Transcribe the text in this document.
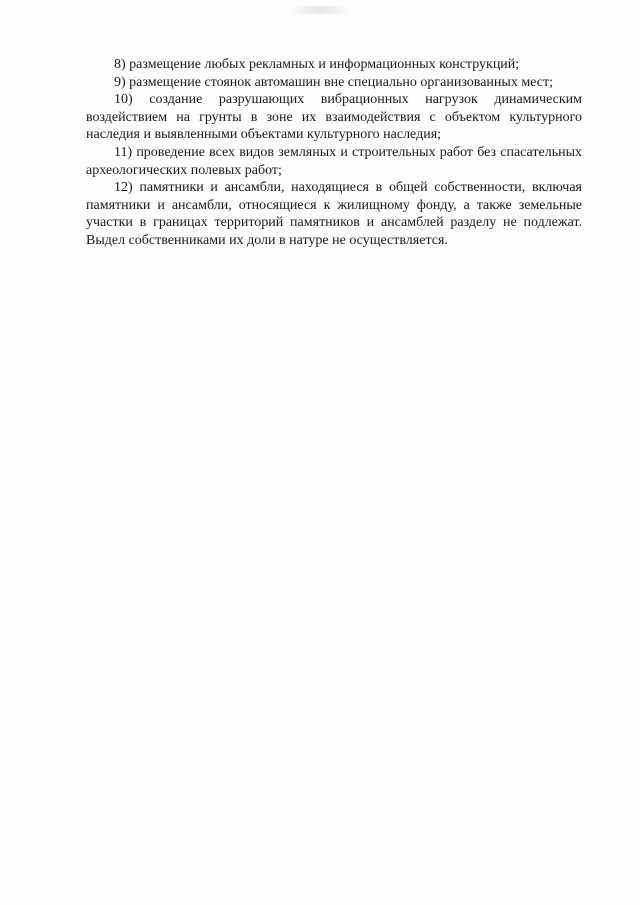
8) размещение любых рекламных и информационных конструкций;

9) размещение стоянок автомашин вне специально организованных мест;

10) создание разрушающих вибрационных нагрузок динамическим воздействием на грунты в зоне их взаимодействия с объектом культурного наследия и выявленными объектами культурного наследия;

11) проведение всех видов земляных и строительных работ без спасательных археологических полевых работ;

12) памятники и ансамбли, находящиеся в общей собственности, включая памятники и ансамбли, относящиеся к жилищному фонду, а также земельные участки в границах территорий памятников и ансамблей разделу не подлежат. Выдел собственниками их доли в натуре не осуществляется.
